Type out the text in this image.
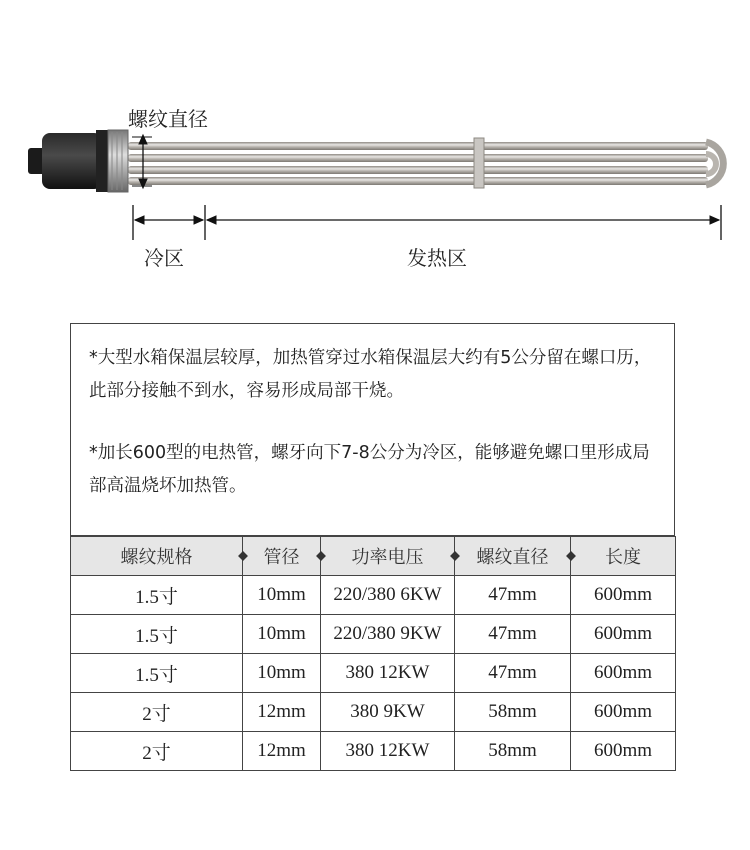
螺纹直径
冷区	发热区
*大型水箱保温层较厚，加热管穿过水箱保温层大约有5公分留在螺口历，此部分接触不到水，容易形成局部干烧。
*加长600型的电热管，螺牙向下7-8公分为冷区，能够避免螺口里形成局部高温烧坏加热管。
螺纹规格	管径	功率电压	螺纹直径	长度
1.5寸	10mm	220/380 6KW	47mm	600mm
1.5寸	10mm	220/380 9KW	47mm	600mm
1.5寸	10mm	380 12KW	47mm	600mm
2寸	12mm	380 9KW	58mm	600mm
2寸	12mm	380 12KW	58mm	600mm
